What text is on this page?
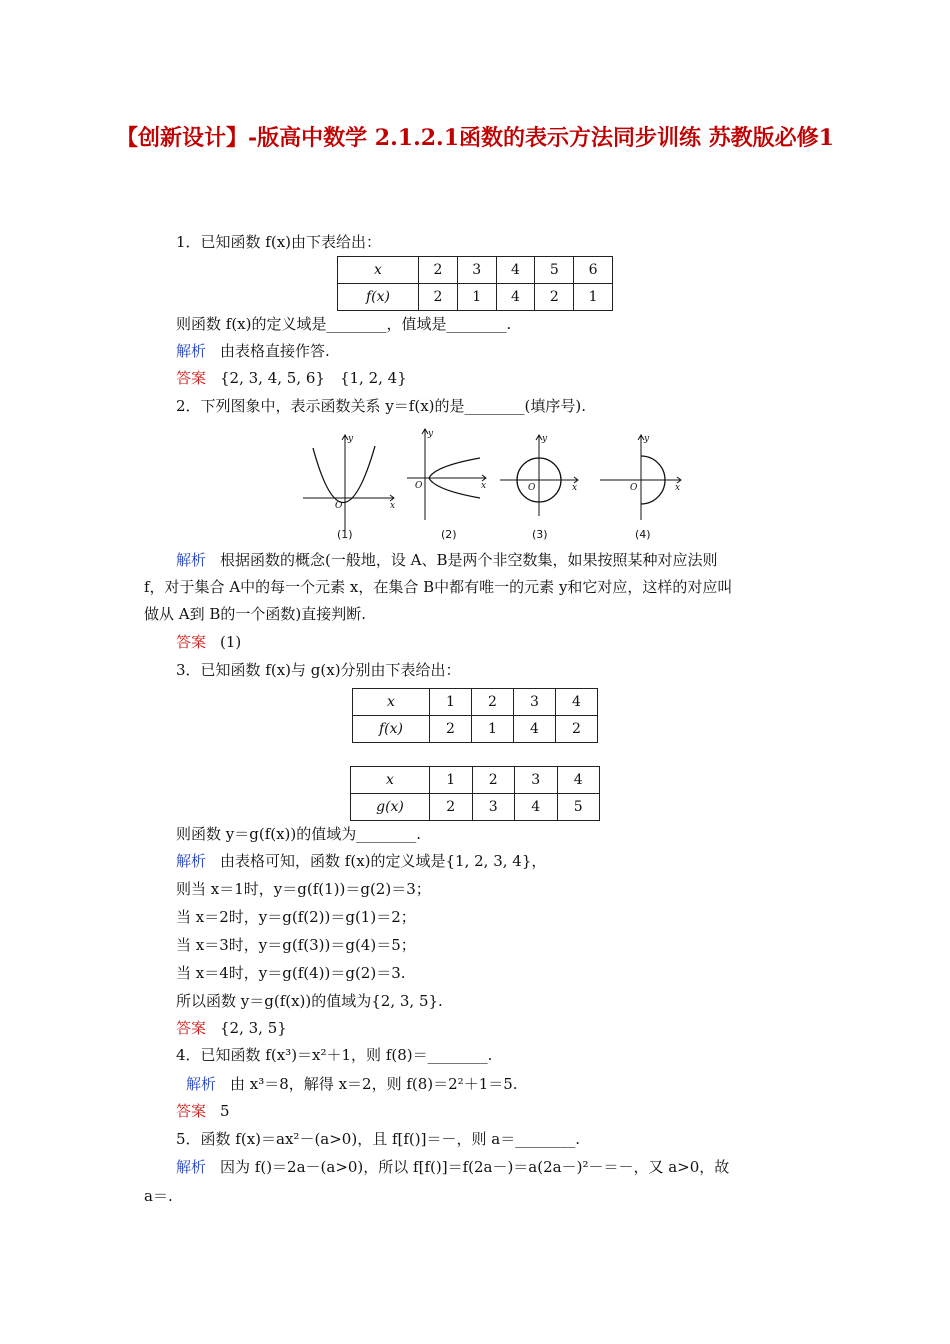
【创新设计】-版高中数学 2.1.2.1函数的表示方法同步训练 苏教版必修1
1．已知函数 f(x)由下表给出：
x	2	3	4	5	6
f(x)	2	1	4	2	1
则函数 f(x)的定义域是________，值域是________.
解析 由表格直接作答.
答案 {2, 3, 4, 5, 6}　{1, 2, 4}
2．下列图象中，表示函数关系 y＝f(x)的是________(填序号).
y
x
O
(1)
y
x
O
(2)
y
x
O
(3)
y
x
O
(4)
解析 根据函数的概念(一般地，设 A、B是两个非空数集，如果按照某种对应法则
f，对于集合 A中的每一个元素 x，在集合 B中都有唯一的元素 y和它对应，这样的对应叫
做从 A到 B的一个函数)直接判断.
答案 (1)
3．已知函数 f(x)与 g(x)分别由下表给出：
x	1	2	3	4
f(x)	2	1	4	2
x	1	2	3	4
g(x)	2	3	4	5
则函数 y＝g(f(x))的值域为________.
解析 由表格可知，函数 f(x)的定义域是{1, 2, 3, 4}，
则当 x＝1时，y＝g(f(1))＝g(2)＝3；
当 x＝2时，y＝g(f(2))＝g(1)＝2；
当 x＝3时，y＝g(f(3))＝g(4)＝5；
当 x＝4时，y＝g(f(4))＝g(2)＝3.
所以函数 y＝g(f(x))的值域为{2, 3, 5}.
答案 {2, 3, 5}
4．已知函数 f(x³)＝x²＋1，则 f(8)＝________.
解析 由 x³＝8，解得 x＝2，则 f(8)＝2²＋1＝5.
答案 5
5．函数 f(x)＝ax²－(a>0)，且 f[f()]＝－，则 a＝________.
解析 因为 f()＝2a－(a>0)，所以 f[f()]＝f(2a－)＝a(2a－)²－＝－，又 a>0，故
a＝.
